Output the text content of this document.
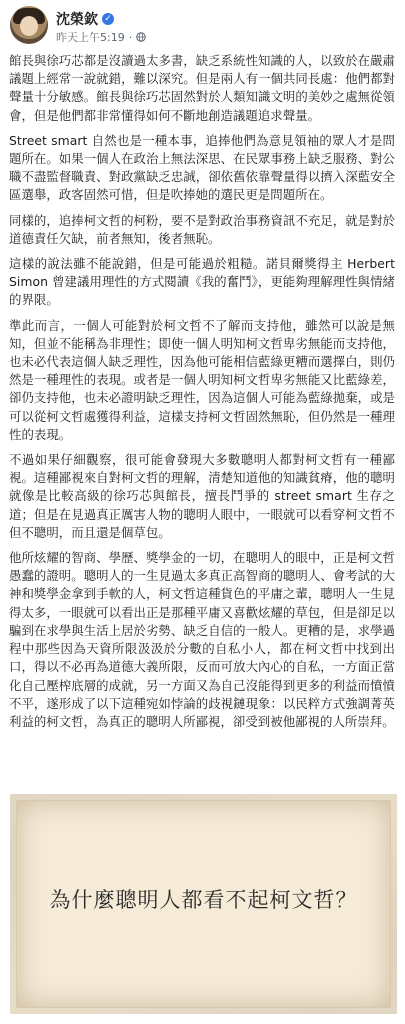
沈榮欽 ✓
昨天上午5:19 ·

館長與徐巧芯都是沒讀過太多書，缺乏系統性知識的人，以致於在嚴肅議題上經常一說就錯，難以深究。但是兩人有一個共同長處：他們都對聲量十分敏感。館長與徐巧芯固然對於人類知識文明的美妙之處無從領會，但是他們都非常懂得如何不斷地創造議題追求聲量。

Street smart 自然也是一種本事，追捧他們為意見領袖的眾人才是問題所在。如果一個人在政治上無法深思、在民眾事務上缺乏服務、對公職不盡監督職責、對政黨缺乏忠誠，卻依舊依靠聲量得以擠入深藍安全區選舉，政客固然可惜，但是吹捧她的選民更是問題所在。

同樣的，追捧柯文哲的柯粉，要不是對政治事務資訊不充足，就是對於道德責任欠缺，前者無知，後者無恥。

這樣的說法雖不能說錯，但是可能過於粗糙。諾貝爾獎得主 Herbert Simon 曾建議用理性的方式閱讀《我的奮鬥》，更能夠理解理性與情緒的界限。

準此而言，一個人可能對於柯文哲不了解而支持他，雖然可以說是無知，但並不能稱為非理性；即使一個人明知柯文哲卑劣無能而支持他，也未必代表這個人缺乏理性，因為他可能相信藍綠更糟而選擇白，則仍然是一種理性的表現。或者是一個人明知柯文哲卑劣無能又比藍綠差，卻仍支持他，也未必證明缺乏理性，因為這個人可能為藍綠拋棄，或是可以從柯文哲處獲得利益，這樣支持柯文哲固然無恥，但仍然是一種理性的表現。

不過如果仔細觀察，很可能會發現大多數聰明人都對柯文哲有一種鄙視。這種鄙視來自對柯文哲的理解，清楚知道他的知識貧瘠，他的聰明就像是比較高級的徐巧芯與館長，擅長鬥爭的 street smart 生存之道；但是在見過真正厲害人物的聰明人眼中，一眼就可以看穿柯文哲不但不聰明，而且還是個草包。

他所炫耀的智商、學歷、獎學金的一切，在聰明人的眼中，正是柯文哲愚蠢的證明。聰明人的一生見過太多真正高智商的聰明人、會考試的大神和獎學金拿到手軟的人，柯文哲這種貨色的平庸之輩，聰明人一生見得太多，一眼就可以看出正是那種平庸又喜歡炫耀的草包，但是卻足以騙到在求學與生活上居於劣勢、缺乏自信的一般人。更糟的是，求學過程中那些因為天資所限汲汲於分數的自私小人，都在柯文哲中找到出口，得以不必再為道德大義所限，反而可放大內心的自私，一方面正當化自己壓榨底層的成就，另一方面又為自己沒能得到更多的利益而憤憤不平，遂形成了以下這種宛如悖論的歧視鏈現象：以民粹方式強調菁英利益的柯文哲，為真正的聰明人所鄙視，卻受到被他鄙視的人所崇拜。

為什麼聰明人都看不起柯文哲？
